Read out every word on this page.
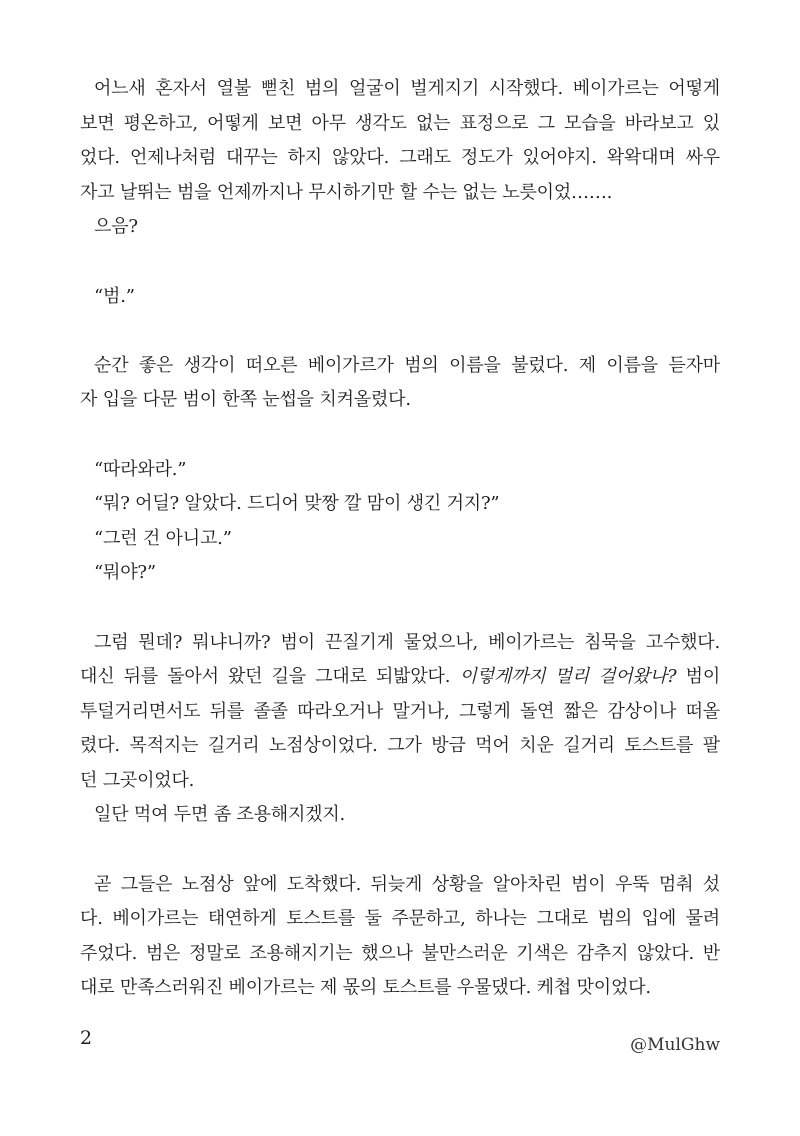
어느새 혼자서 열불 뻗친 범의 얼굴이 벌게지기 시작했다. 베이가르는 어떻게
보면 평온하고, 어떻게 보면 아무 생각도 없는 표정으로 그 모습을 바라보고 있
었다. 언제나처럼 대꾸는 하지 않았다. 그래도 정도가 있어야지. 왁왁대며 싸우
자고 날뛰는 범을 언제까지나 무시하기만 할 수는 없는 노릇이었…….
으음?
“범.”
순간 좋은 생각이 떠오른 베이가르가 범의 이름을 불렀다. 제 이름을 듣자마
자 입을 다문 범이 한쪽 눈썹을 치켜올렸다.
“따라와라.”
“뭐? 어딜? 알았다. 드디어 맞짱 깔 맘이 생긴 거지?”
“그런 건 아니고.”
“뭐야?”
그럼 뭔데? 뭐냐니까? 범이 끈질기게 물었으나, 베이가르는 침묵을 고수했다.
대신 뒤를 돌아서 왔던 길을 그대로 되밟았다. 이렇게까지 멀리 걸어왔나? 범이
투덜거리면서도 뒤를 졸졸 따라오거나 말거나, 그렇게 돌연 짧은 감상이나 떠올
렸다. 목적지는 길거리 노점상이었다. 그가 방금 먹어 치운 길거리 토스트를 팔
던 그곳이었다.
일단 먹여 두면 좀 조용해지겠지.
곧 그들은 노점상 앞에 도착했다. 뒤늦게 상황을 알아차린 범이 우뚝 멈춰 섰
다. 베이가르는 태연하게 토스트를 둘 주문하고, 하나는 그대로 범의 입에 물려
주었다. 범은 정말로 조용해지기는 했으나 불만스러운 기색은 감추지 않았다. 반
대로 만족스러워진 베이가르는 제 몫의 토스트를 우물댔다. 케첩 맛이었다.
2	@MulGhw
